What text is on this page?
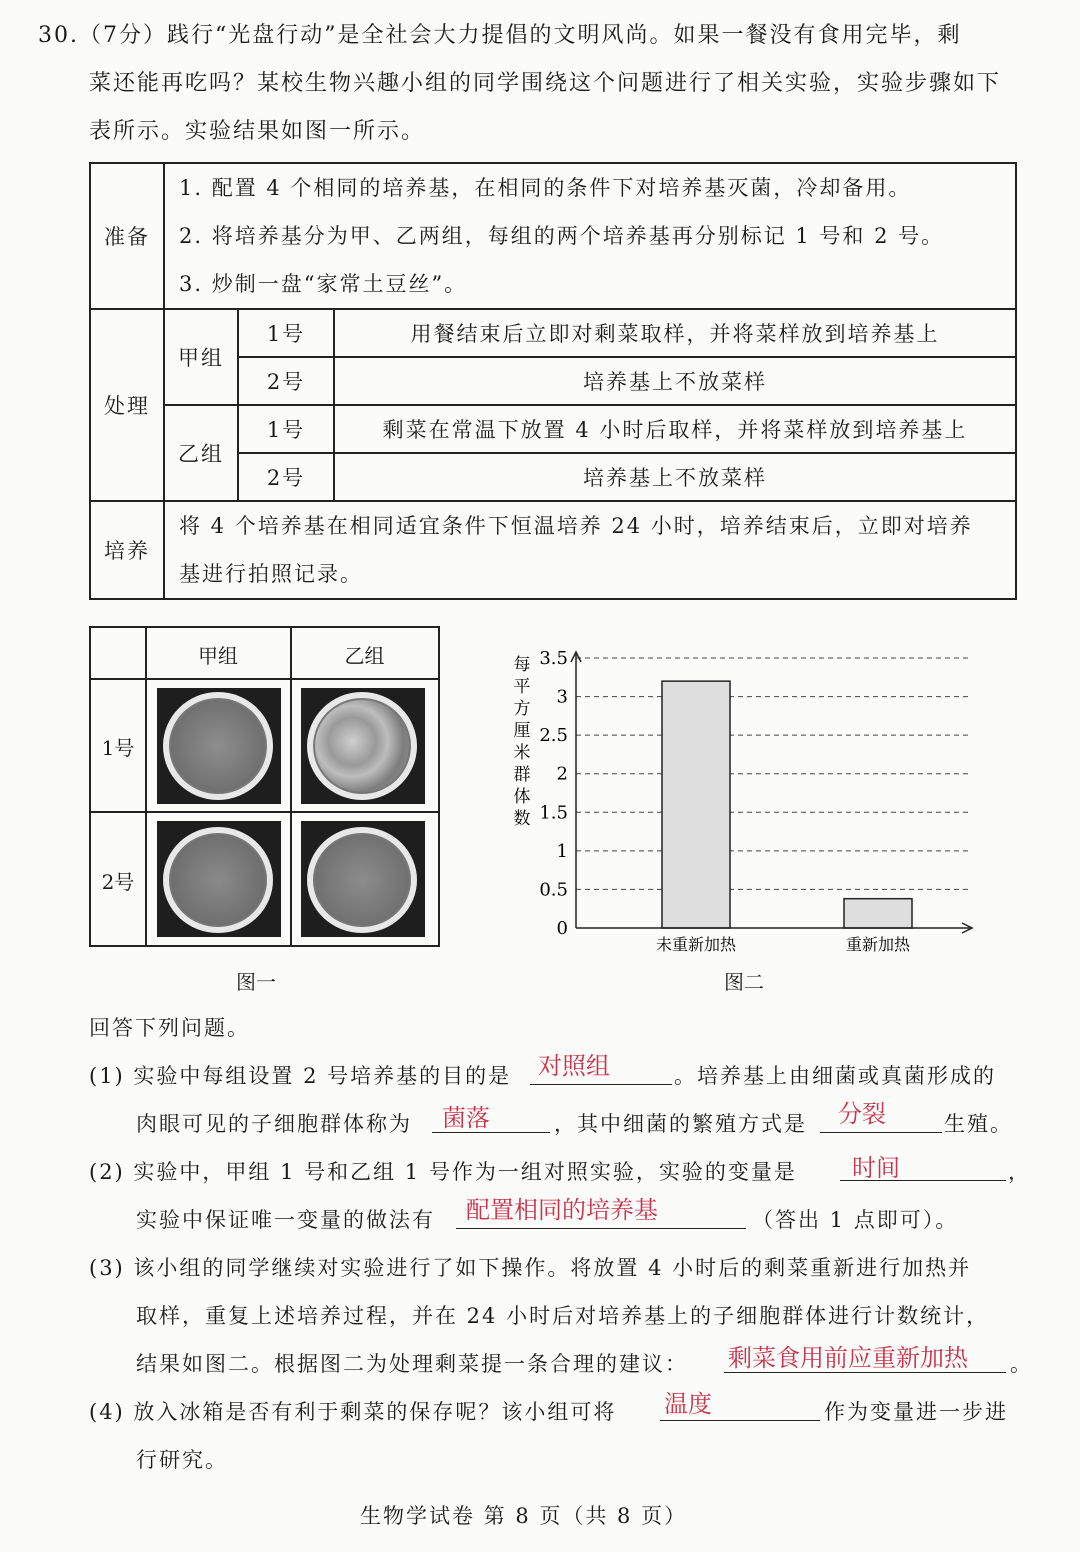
30.（7分）践行“光盘行动”是全社会大力提倡的文明风尚。如果一餐没有食用完毕，剩
菜还能再吃吗？某校生物兴趣小组的同学围绕这个问题进行了相关实验，实验步骤如下
表所示。实验结果如图一所示。
准备	1. 配置 4 个相同的培养基，在相同的条件下对培养基灭菌，冷却备用。
2. 将培养基分为甲、乙两组，每组的两个培养基再分别标记 1 号和 2 号。
3. 炒制一盘“家常土豆丝”。		

处理	甲组	1号	用餐结束后立即对剩菜取样，并将菜样放到培养基上
		2号	培养基上不放菜样
	乙组	1号	剩菜在常温下放置 4 小时后取样，并将菜样放到培养基上
		2号	培养基上不放菜样
培养	将 4 个培养基在相同适宜条件下恒温培养 24 小时，培养结束后，立即对培养
基进行拍照记录。		
甲组	乙组
1号
2号
图一
每
平
方
厘
米
群
体
数
0
0.5
1
1.5
2
2.5
3
3.5
未重新加热	重新加热
图二
回答下列问题。
(1) 实验中每组设置 2 号培养基的目的是 对照组	。培养基上由细菌或真菌形成的
肉眼可见的子细胞群体称为 菌落	，其中细菌的繁殖方式是 分裂	生殖。
(2) 实验中，甲组 1 号和乙组 1 号作为一组对照实验，实验的变量是 时间	，
实验中保证唯一变量的做法有 配置相同的培养基	（答出 1 点即可）。
(3) 该小组的同学继续对实验进行了如下操作。将放置 4 小时后的剩菜重新进行加热并
取样，重复上述培养过程，并在 24 小时后对培养基上的子细胞群体进行计数统计，
结果如图二。根据图二为处理剩菜提一条合理的建议： 剩菜食用前应重新加热 。
(4) 放入冰箱是否有利于剩菜的保存呢？该小组可将 温度	作为变量进一步进
行研究。
生物学试卷 第 8 页（共 8 页）
